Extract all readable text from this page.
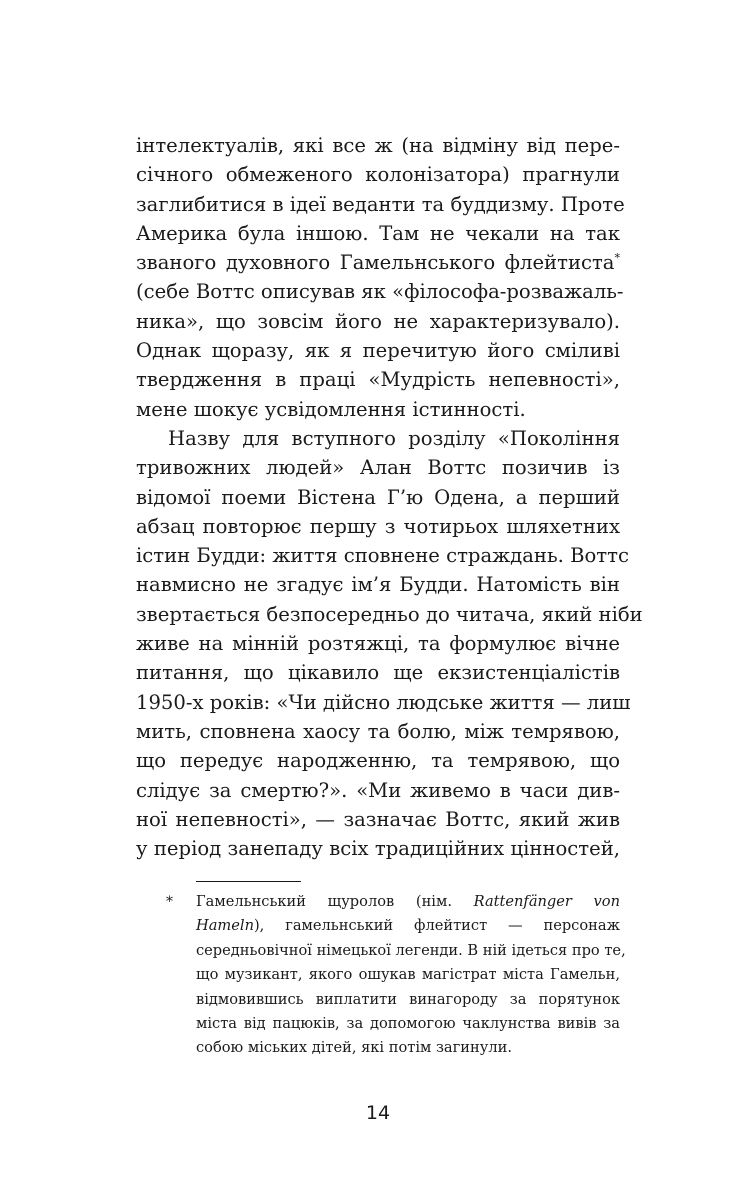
інтелектуалів, які все ж (на відміну від пере-
січного обмеженого колонізатора) прагнули
заглибитися в ідеї веданти та буддизму. Проте
Америка була іншою. Там не чекали на так
званого духовного Гамельнського флейтиста*
(себе Воттс описував як «філософа-розважаль-
ника», що зовсім його не характеризувало).
Однак щоразу, як я перечитую його сміливі
твердження в праці «Мудрість непевності»,
мене шокує усвідомлення істинності.

Назву для вступного розділу «Покоління
тривожних людей» Алан Воттс позичив із
відомої поеми Вістена Г’ю Одена, а перший
абзац повторює першу з чотирьох шляхетних
істин Будди: життя сповнене страждань. Воттс
навмисно не згадує ім’я Будди. Натомість він
звертається безпосередньо до читача, який ніби
живе на мінній розтяжці, та формулює вічне
питання, що цікавило ще екзистенціалістів
1950-х років: «Чи дійсно людське життя — лиш
мить, сповнена хаосу та болю, між темрявою,
що передує народженню, та темрявою, що
слідує за смертю?». «Ми живемо в часи див-
ної непевності», — зазначає Воттс, який жив
у період занепаду всіх традиційних цінностей,

* Гамельнський щуролов (нім. Rattenfänger von
Hameln), гамельнський флейтист — персонаж
середньовічної німецької легенди. В ній ідеться про те,
що музикант, якого ошукав магістрат міста Гамельн,
відмовившись виплатити винагороду за порятунок
міста від пацюків, за допомогою чаклунства вивів за
собою міських дітей, які потім загинули.
14
